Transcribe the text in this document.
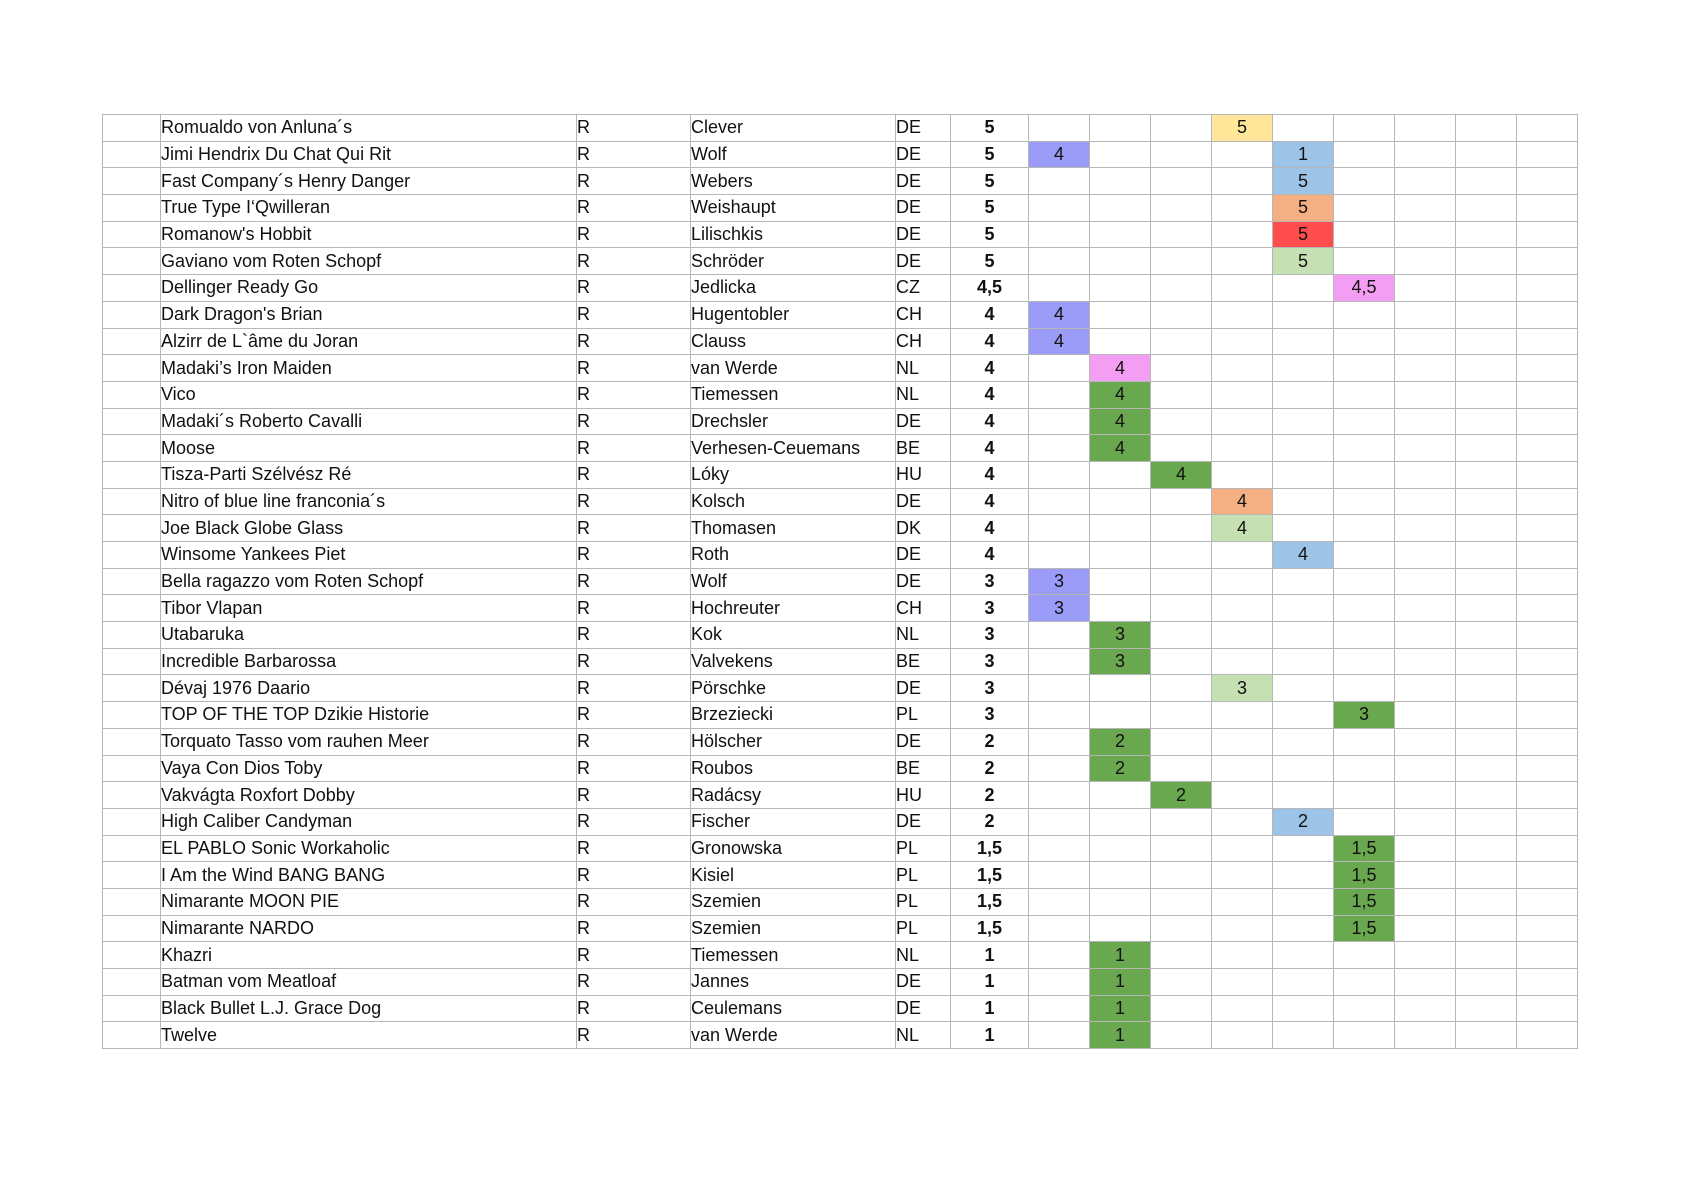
	Romualdo von Anluna´s	R	Clever	DE	5				5					
	Jimi Hendrix Du Chat Qui Rit	R	Wolf	DE	5	4				1				
	Fast Company´s Henry Danger	R	Webers	DE	5					5				
	True Type I‘Qwilleran	R	Weishaupt	DE	5					5				
	Romanow's Hobbit	R	Lilischkis	DE	5					5				
	Gaviano vom Roten Schopf	R	Schröder	DE	5					5				
	Dellinger Ready Go	R	Jedlicka	CZ	4,5						4,5			
	Dark Dragon's Brian	R	Hugentobler	CH	4	4								
	Alzirr de L`âme du Joran	R	Clauss	CH	4	4								
	Madaki’s Iron Maiden	R	van Werde	NL	4		4							
	Vico	R	Tiemessen	NL	4		4							
	Madaki´s Roberto Cavalli	R	Drechsler	DE	4		4							
	Moose	R	Verhesen-Ceuemans	BE	4		4							
	Tisza-Parti Szélvész Ré	R	Lóky	HU	4			4						
	Nitro of blue line franconia´s	R	Kolsch	DE	4				4					
	Joe Black Globe Glass	R	Thomasen	DK	4				4					
	Winsome Yankees Piet	R	Roth	DE	4					4				
	Bella ragazzo vom Roten Schopf	R	Wolf	DE	3	3								
	Tibor Vlapan	R	Hochreuter	CH	3	3								
	Utabaruka	R	Kok	NL	3		3							
	Incredible Barbarossa	R	Valvekens	BE	3		3							
	Dévaj 1976 Daario	R	Pörschke	DE	3				3					
	TOP OF THE TOP Dzikie Historie	R	Brzeziecki	PL	3						3			
	Torquato Tasso vom rauhen Meer	R	Hölscher	DE	2		2							
	Vaya Con Dios Toby	R	Roubos	BE	2		2							
	Vakvágta Roxfort Dobby	R	Radácsy	HU	2			2						
	High Caliber Candyman	R	Fischer	DE	2					2				
	EL PABLO Sonic Workaholic	R	Gronowska	PL	1,5						1,5			
	I Am the Wind BANG BANG	R	Kisiel	PL	1,5						1,5			
	Nimarante MOON PIE	R	Szemien	PL	1,5						1,5			
	Nimarante NARDO	R	Szemien	PL	1,5						1,5			
	Khazri	R	Tiemessen	NL	1		1							
	Batman vom Meatloaf	R	Jannes	DE	1		1							
	Black Bullet L.J. Grace Dog	R	Ceulemans	DE	1		1							
	Twelve	R	van Werde	NL	1		1							
